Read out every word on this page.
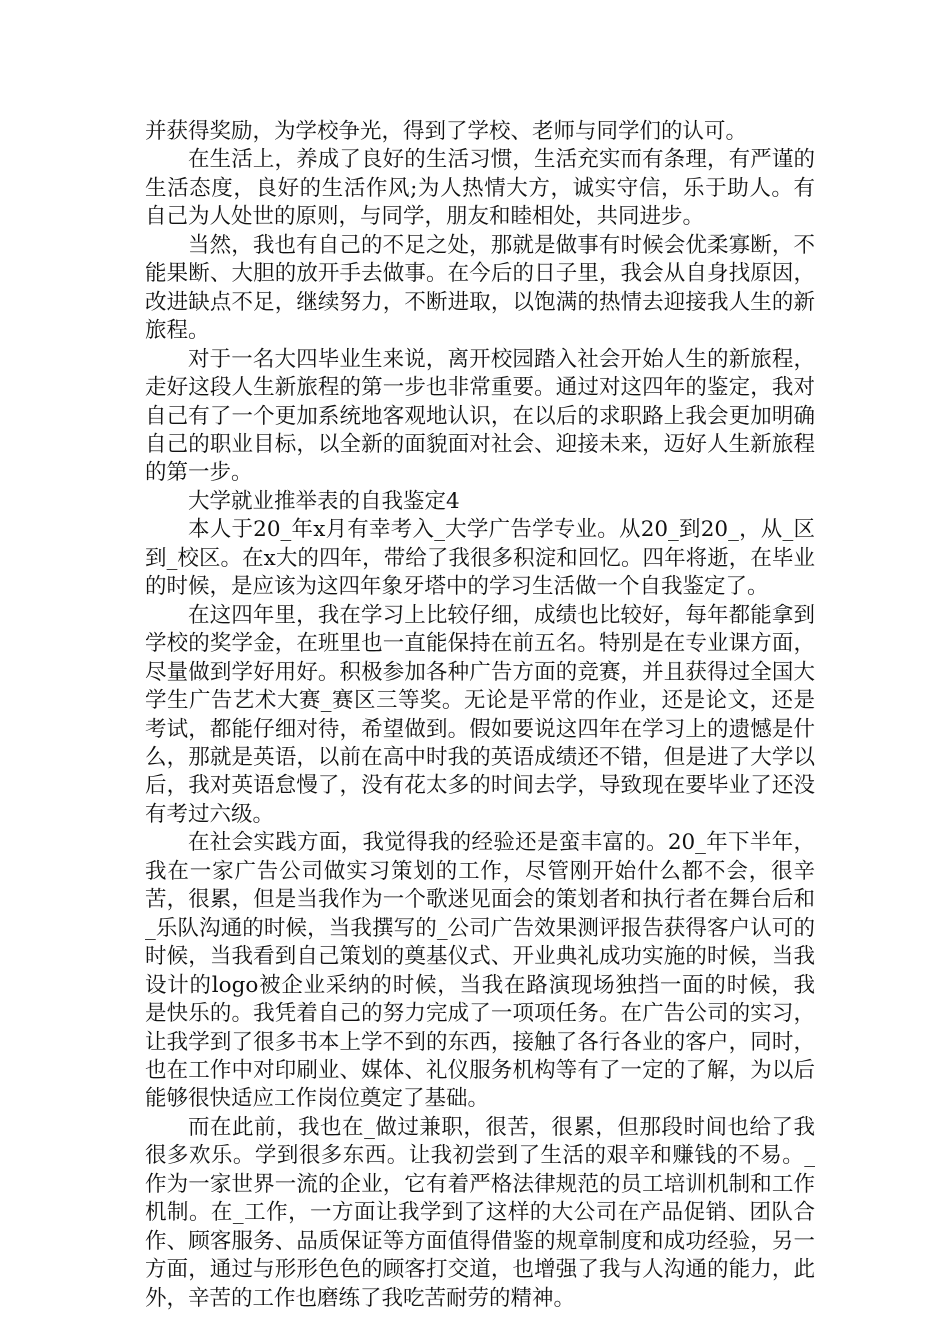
并获得奖励，为学校争光，得到了学校、老师与同学们的认可。

在生活上，养成了良好的生活习惯，生活充实而有条理，有严谨的生活态度，良好的生活作风;为人热情大方，诚实守信，乐于助人。有自己为人处世的原则，与同学，朋友和睦相处，共同进步。

当然，我也有自己的不足之处，那就是做事有时候会优柔寡断，不能果断、大胆的放开手去做事。在今后的日子里，我会从自身找原因，改进缺点不足，继续努力，不断进取，以饱满的热情去迎接我人生的新旅程。

对于一名大四毕业生来说，离开校园踏入社会开始人生的新旅程，走好这段人生新旅程的第一步也非常重要。通过对这四年的鉴定，我对自己有了一个更加系统地客观地认识，在以后的求职路上我会更加明确自己的职业目标，以全新的面貌面对社会、迎接未来，迈好人生新旅程的第一步。

大学就业推举表的自我鉴定4

本人于20_年x月有幸考入_大学广告学专业。从20_到20_，从_区到_校区。在x大的四年，带给了我很多积淀和回忆。四年将逝，在毕业的时候，是应该为这四年象牙塔中的学习生活做一个自我鉴定了。

在这四年里，我在学习上比较仔细，成绩也比较好，每年都能拿到学校的奖学金，在班里也一直能保持在前五名。特别是在专业课方面，尽量做到学好用好。积极参加各种广告方面的竞赛，并且获得过全国大学生广告艺术大赛_赛区三等奖。无论是平常的作业，还是论文，还是考试，都能仔细对待，希望做到。假如要说这四年在学习上的遗憾是什么，那就是英语，以前在高中时我的英语成绩还不错，但是进了大学以后，我对英语怠慢了，没有花太多的时间去学，导致现在要毕业了还没有考过六级。

在社会实践方面，我觉得我的经验还是蛮丰富的。20_年下半年，我在一家广告公司做实习策划的工作，尽管刚开始什么都不会，很辛苦，很累，但是当我作为一个歌迷见面会的策划者和执行者在舞台后和_乐队沟通的时候，当我撰写的_公司广告效果测评报告获得客户认可的时候，当我看到自己策划的奠基仪式、开业典礼成功实施的时候，当我设计的logo被企业采纳的时候，当我在路演现场独挡一面的时候，我是快乐的。我凭着自己的努力完成了一项项任务。在广告公司的实习，让我学到了很多书本上学不到的东西，接触了各行各业的客户，同时，也在工作中对印刷业、媒体、礼仪服务机构等有了一定的了解，为以后能够很快适应工作岗位奠定了基础。

而在此前，我也在_做过兼职，很苦，很累，但那段时间也给了我很多欢乐。学到很多东西。让我初尝到了生活的艰辛和赚钱的不易。_作为一家世界一流的企业，它有着严格法律规范的员工培训机制和工作机制。在_工作，一方面让我学到了这样的大公司在产品促销、团队合作、顾客服务、品质保证等方面值得借鉴的规章制度和成功经验，另一方面，通过与形形色色的顾客打交道，也增强了我与人沟通的能力，此外，辛苦的工作也磨练了我吃苦耐劳的精神。
